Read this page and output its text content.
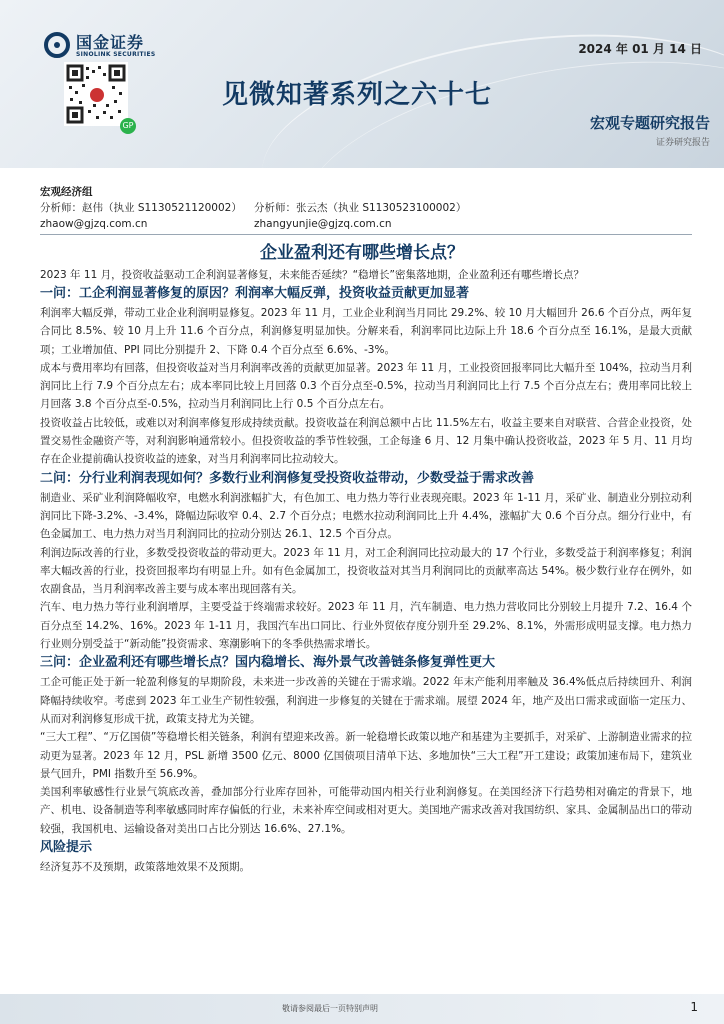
国金证券
SINOLINK SECURITIES	2024 年 01 月 14 日
GP
见微知著系列之六十七
宏观专题研究报告
证券研究报告
宏观经济组
分析师：赵伟（执业 S1130521120002） 分析师：张云杰（执业 S1130523100002）
zhaow@gjzq.com.cn	zhangyunjie@gjzq.com.cn
企业盈利还有哪些增长点？
2023 年 11 月，投资收益驱动工企利润显著修复，未来能否延续？“稳增长”密集落地期，企业盈利还有哪些增长点？
一问：工企利润显著修复的原因？利润率大幅反弹，投资收益贡献更加显著

利润率大幅反弹，带动工业企业利润明显修复。2023 年 11 月，工业企业利润当月同比 29.2%、较 10 月大幅回升 26.6 个百分点，两年复合同比 8.5%、较 10 月上升 11.6 个百分点，利润修复明显加快。分解来看，利润率同比边际上升 18.6 个百分点至 16.1%，是最大贡献项；工业增加值、PPI 同比分别提升 2、下降 0.4 个百分点至 6.6%、-3%。

成本与费用率均有回落，但投资收益对当月利润率改善的贡献更加显著。2023 年 11 月，工业投资回报率同比大幅升至 104%，拉动当月利润同比上行 7.9 个百分点左右；成本率同比较上月回落 0.3 个百分点至-0.5%，拉动当月利润同比上行 7.5 个百分点左右；费用率同比较上月回落 3.8 个百分点至-0.5%，拉动当月利润同比上行 0.5 个百分点左右。

投资收益占比较低，或难以对利润率修复形成持续贡献。投资收益在利润总额中占比 11.5%左右，收益主要来自对联营、合营企业投资，处置交易性金融资产等，对利润影响通常较小。但投资收益的季节性较强，工企每逢 6 月、12 月集中确认投资收益，2023 年 5 月、11 月均存在企业提前确认投资收益的迹象，对当月利润率同比拉动较大。

二问：分行业利润表现如何？多数行业利润修复受投资收益带动，少数受益于需求改善

制造业、采矿业利润降幅收窄，电燃水利润涨幅扩大，有色加工、电力热力等行业表现亮眼。2023 年 1-11 月，采矿业、制造业分别拉动利润同比下降-3.2%、-3.4%，降幅边际收窄 0.4、2.7 个百分点；电燃水拉动利润同比上升 4.4%，涨幅扩大 0.6 个百分点。细分行业中，有色金属加工、电力热力对当月利润同比的拉动分别达 26.1、12.5 个百分点。

利润边际改善的行业，多数受投资收益的带动更大。2023 年 11 月，对工企利润同比拉动最大的 17 个行业，多数受益于利润率修复；利润率大幅改善的行业，投资回报率均有明显上升。如有色金属加工，投资收益对其当月利润同比的贡献率高达 54%。极少数行业存在例外，如农副食品，当月利润率改善主要与成本率出现回落有关。

汽车、电力热力等行业利润增厚，主要受益于终端需求较好。2023 年 11 月，汽车制造、电力热力营收同比分别较上月提升 7.2、16.4 个百分点至 14.2%、16%。2023 年 1-11 月，我国汽车出口同比、行业外贸依存度分别升至 29.2%、8.1%，外需形成明显支撑。电力热力行业则分别受益于“新动能”投资需求、寒潮影响下的冬季供热需求增长。

三问：企业盈利还有哪些增长点？国内稳增长、海外景气改善链条修复弹性更大

工企可能正处于新一轮盈利修复的早期阶段，未来进一步改善的关键在于需求端。2022 年末产能利用率触及 36.4%低点后持续回升、利润降幅持续收窄。考虑到 2023 年工业生产韧性较强，利润进一步修复的关键在于需求端。展望 2024 年，地产及出口需求或面临一定压力、从而对利润修复形成干扰，政策支持尤为关键。

“三大工程”、“万亿国债”等稳增长相关链条，利润有望迎来改善。新一轮稳增长政策以地产和基建为主要抓手，对采矿、上游制造业需求的拉动更为显著。2023 年 12 月，PSL 新增 3500 亿元、8000 亿国债项目清单下达、多地加快“三大工程”开工建设；政策加速布局下，建筑业景气回升，PMI 指数升至 56.9%。

美国利率敏感性行业景气筑底改善，叠加部分行业库存回补，可能带动国内相关行业利润修复。在美国经济下行趋势相对确定的背景下，地产、机电、设备制造等利率敏感同时库存偏低的行业，未来补库空间或相对更大。美国地产需求改善对我国纺织、家具、金属制品出口的带动较强，我国机电、运输设备对美出口占比分别达 16.6%、27.1%。

风险提示

经济复苏不及预期，政策落地效果不及预期。

敬请参阅最后一页特别声明	1
